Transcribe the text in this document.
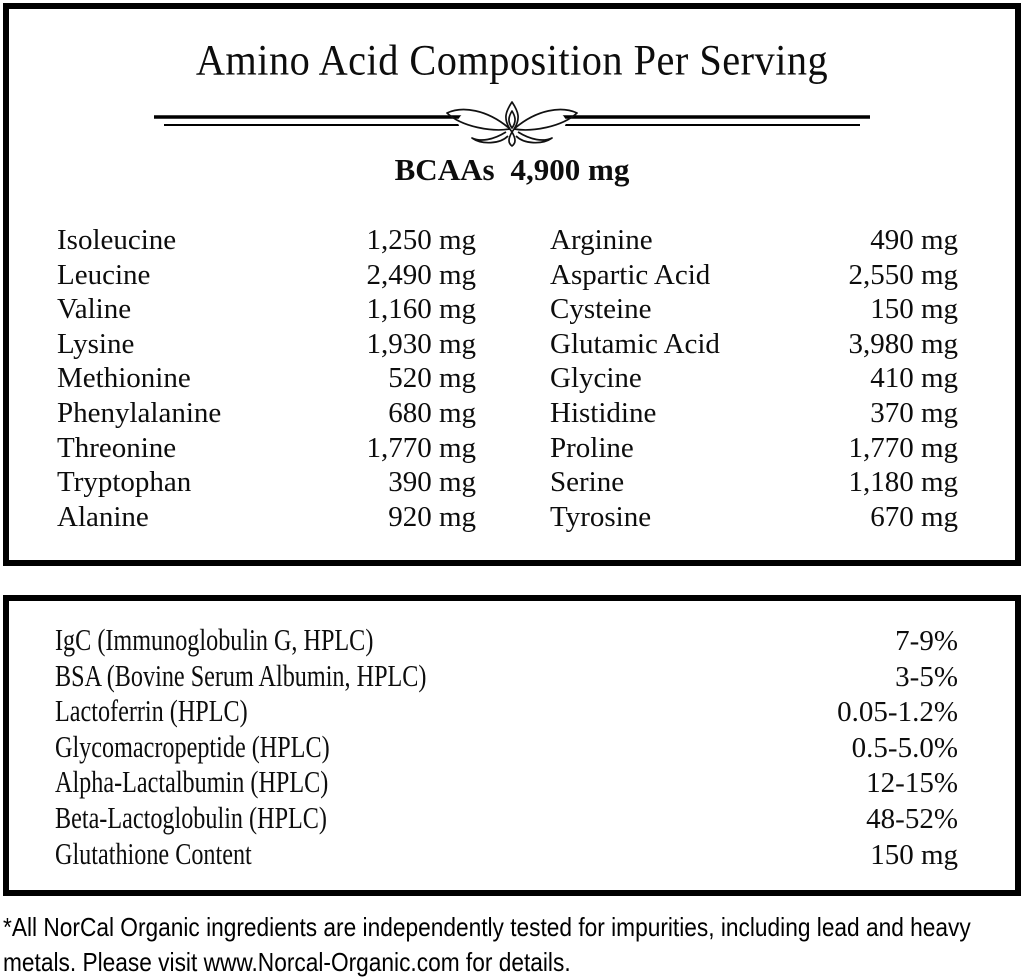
Amino Acid Composition Per Serving
BCAAs 4,900 mg
Isoleucine	1,250 mg
Leucine	2,490 mg
Valine	1,160 mg
Lysine	1,930 mg
Methionine	520 mg
Phenylalanine	680 mg
Threonine	1,770 mg
Tryptophan	390 mg
Alanine	920 mg
Arginine	490 mg
Aspartic Acid	2,550 mg
Cysteine	150 mg
Glutamic Acid	3,980 mg
Glycine	410 mg
Histidine	370 mg
Proline	1,770 mg
Serine	1,180 mg
Tyrosine	670 mg
IgC (Immunoglobulin G, HPLC)	7-9%
BSA (Bovine Serum Albumin, HPLC)	3-5%
Lactoferrin (HPLC)	0.05-1.2%
Glycomacropeptide (HPLC)	0.5-5.0%
Alpha-Lactalbumin (HPLC)	12-15%
Beta-Lactoglobulin (HPLC)	48-52%
Glutathione Content	150 mg
*All NorCal Organic ingredients are independently tested for impurities, including lead and heavy metals. Please visit www.Norcal-Organic.com for details.
